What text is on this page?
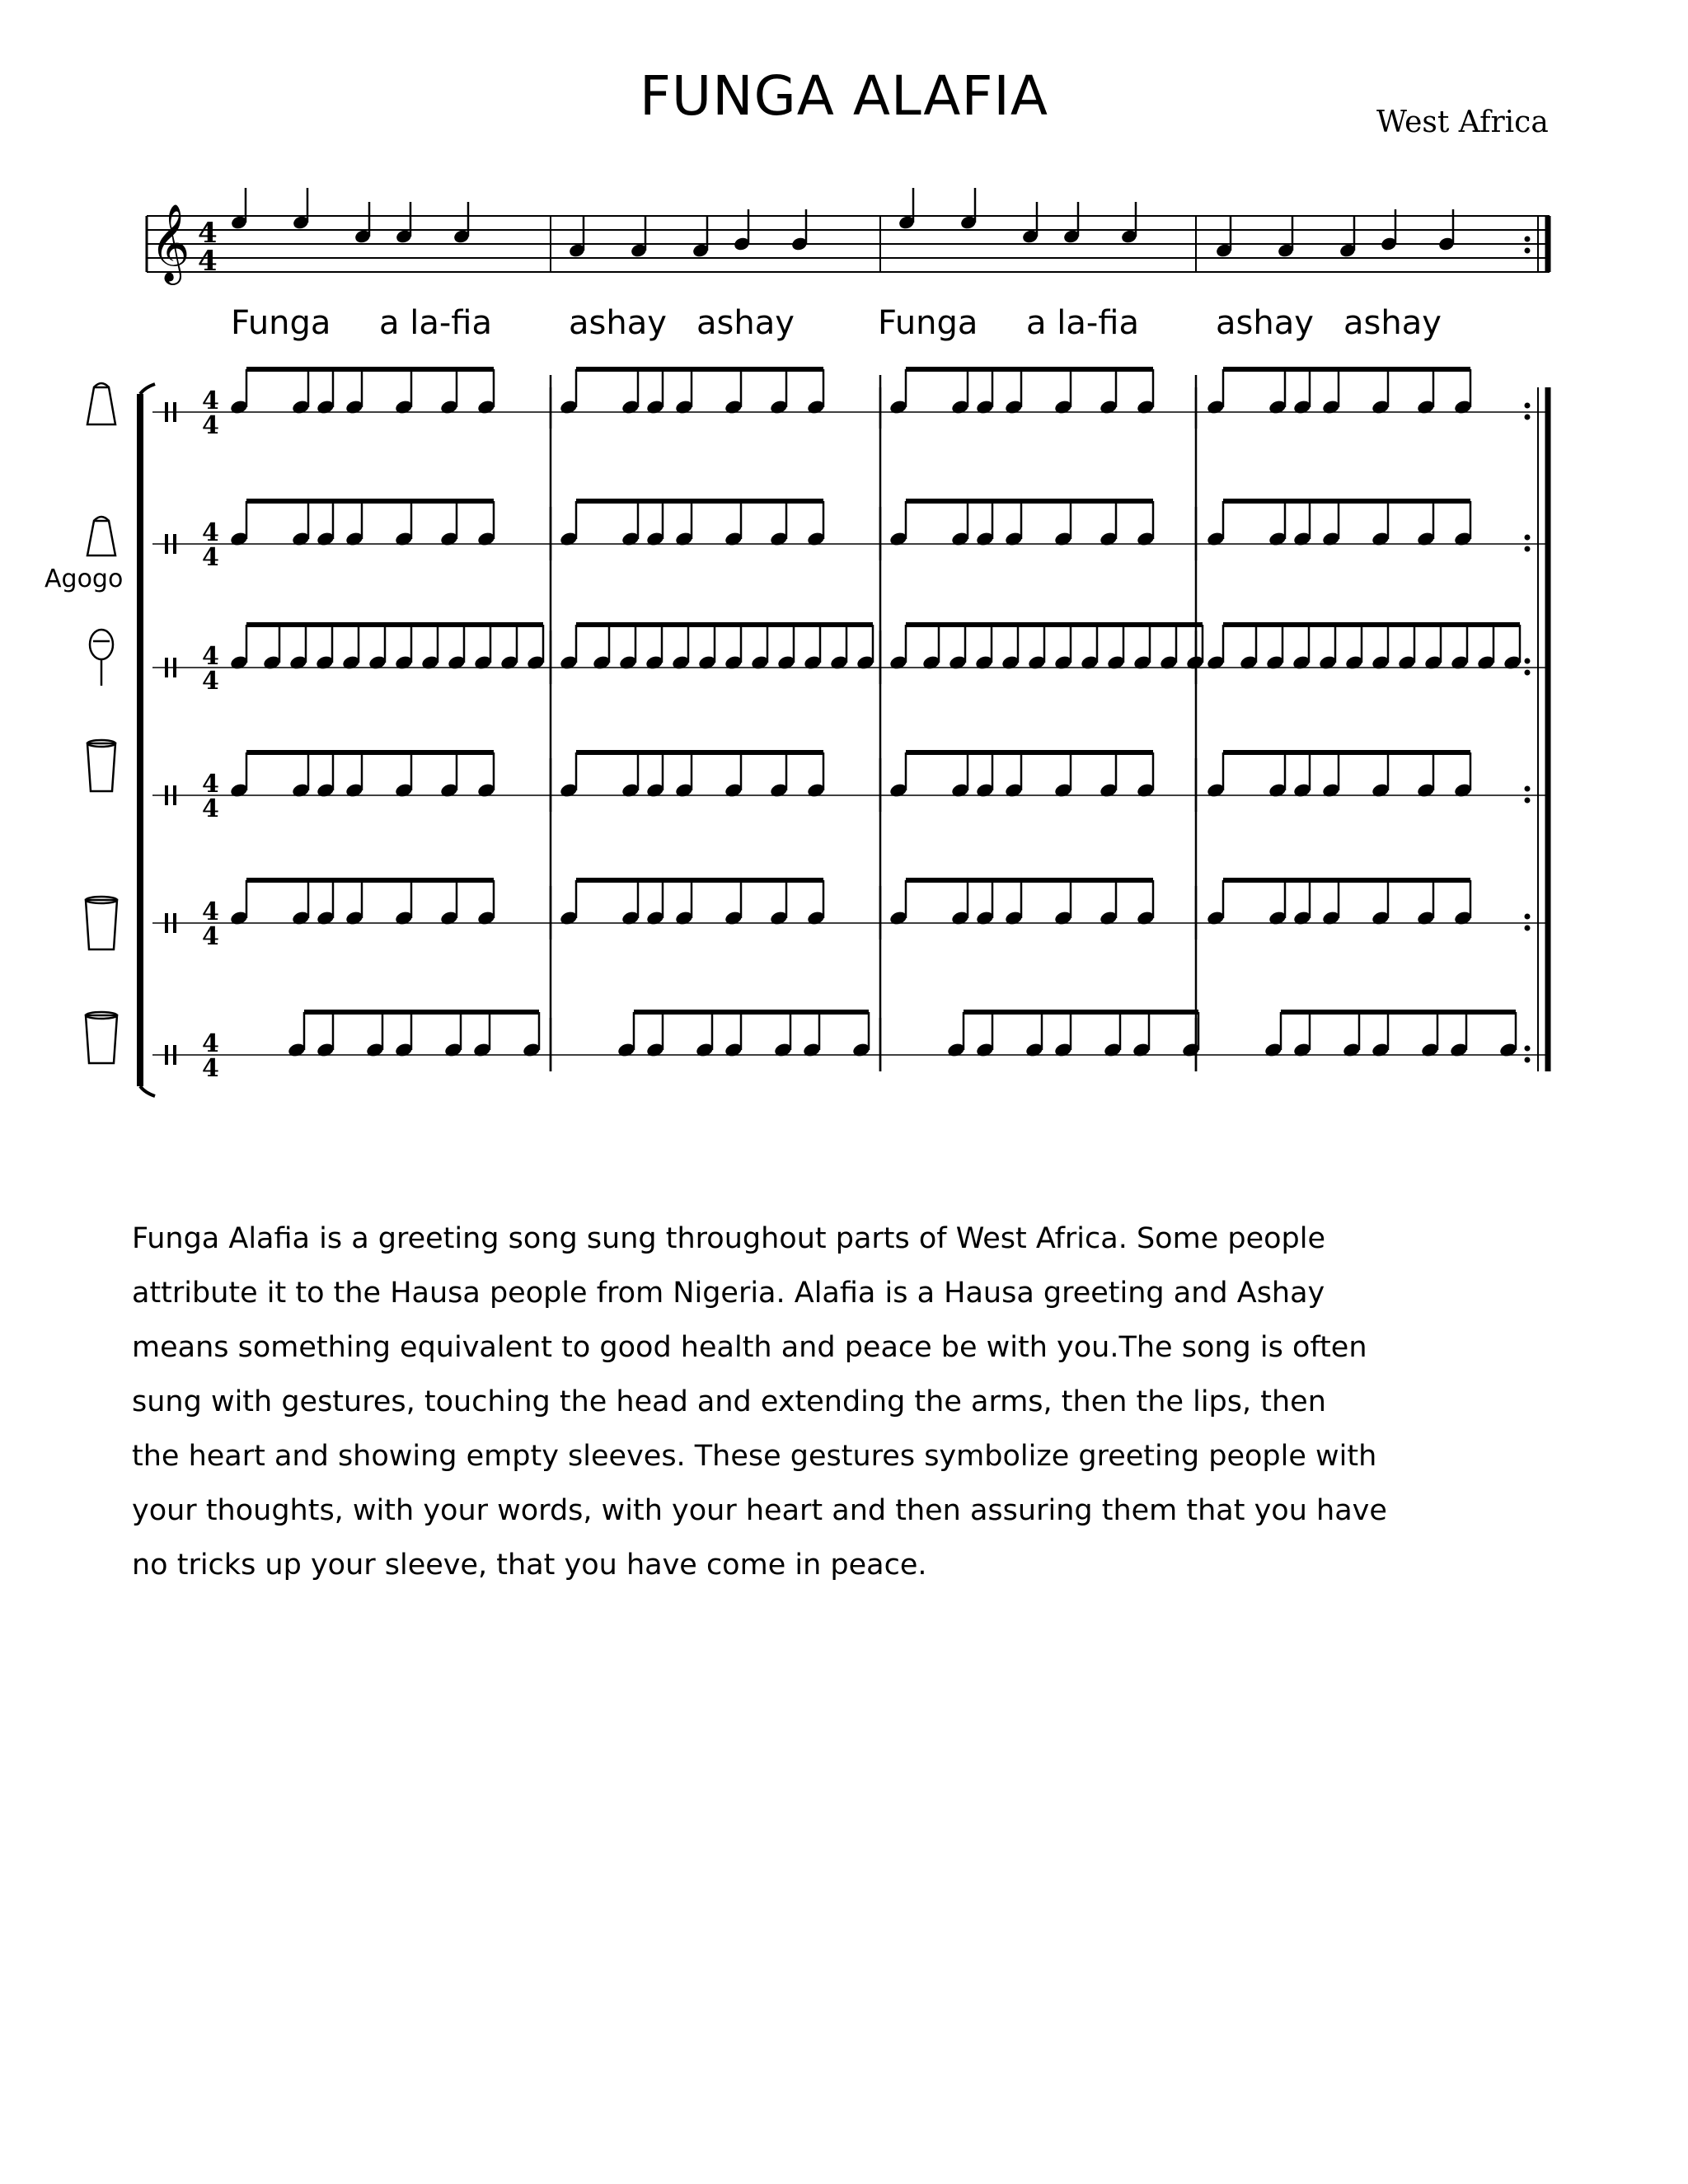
FUNGA ALAFIA	West Africa
𝄞 4
4
Funga a la-fia ashay ashay	Funga a la-fia ashay ashay
4
4
4
4
4
4
4
4
4
4
4
4
Agogo

Funga Alafia is a greeting song sung throughout parts of West Africa. Some people

attribute it to the Hausa people from Nigeria. Alafia is a Hausa greeting and Ashay

means something equivalent to good health and peace be with you.The song is often

sung with gestures, touching the head and extending the arms, then the lips, then

the heart and showing empty sleeves. These gestures symbolize greeting people with

your thoughts, with your words, with your heart and then assuring them that you have

no tricks up your sleeve, that you have come in peace.
